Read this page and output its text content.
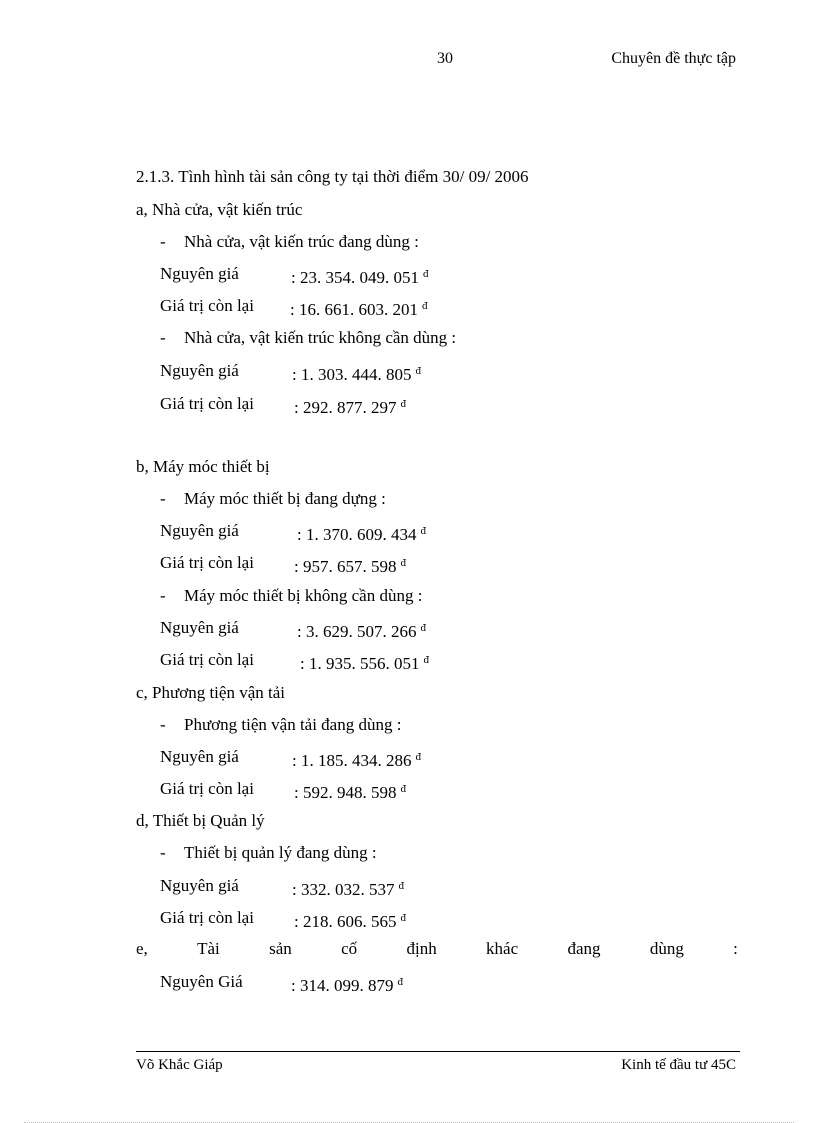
30	Chuyên đề thực tập
2.1.3. Tình hình tài sản công ty tại thời điểm 30/ 09/ 2006
a, Nhà cửa, vật kiến trúc
- Nhà cửa, vật kiến trúc đang dùng :
Nguyên giá	: 23. 354. 049. 051 $^đ$
Giá trị còn lại : 16. 661. 603. 201 $^đ$
- Nhà cửa, vật kiến trúc không cần dùng :
Nguyên giá	: 1. 303. 444. 805 $^đ$
Giá trị còn lại : 292. 877. 297 $^đ$
b, Máy móc thiết bị
- Máy móc thiết bị đang dựng :
Nguyên giá	: 1. 370. 609. 434 $^đ$
Giá trị còn lại : 957. 657. 598 $^đ$
- Máy móc thiết bị không cần dùng :
Nguyên giá	: 3. 629. 507. 266 $^đ$
Giá trị còn lại	: 1. 935. 556. 051 $^đ$
c, Phương tiện vận tải
- Phương tiện vận tải đang dùng :
Nguyên giá	: 1. 185. 434. 286 $^đ$
Giá trị còn lại : 592. 948. 598 $^đ$
d, Thiết bị Quản lý
- Thiết bị quản lý đang dùng :
Nguyên giá	: 332. 032. 537 $^đ$
Giá trị còn lại : 218. 606. 565 $^đ$
e,	Tài	sản	cố	định	khác	đang	dùng	:
Nguyên Giá	: 314. 099. 879 $^đ$
Võ Khắc Giáp	Kinh tế đầu tư 45C
